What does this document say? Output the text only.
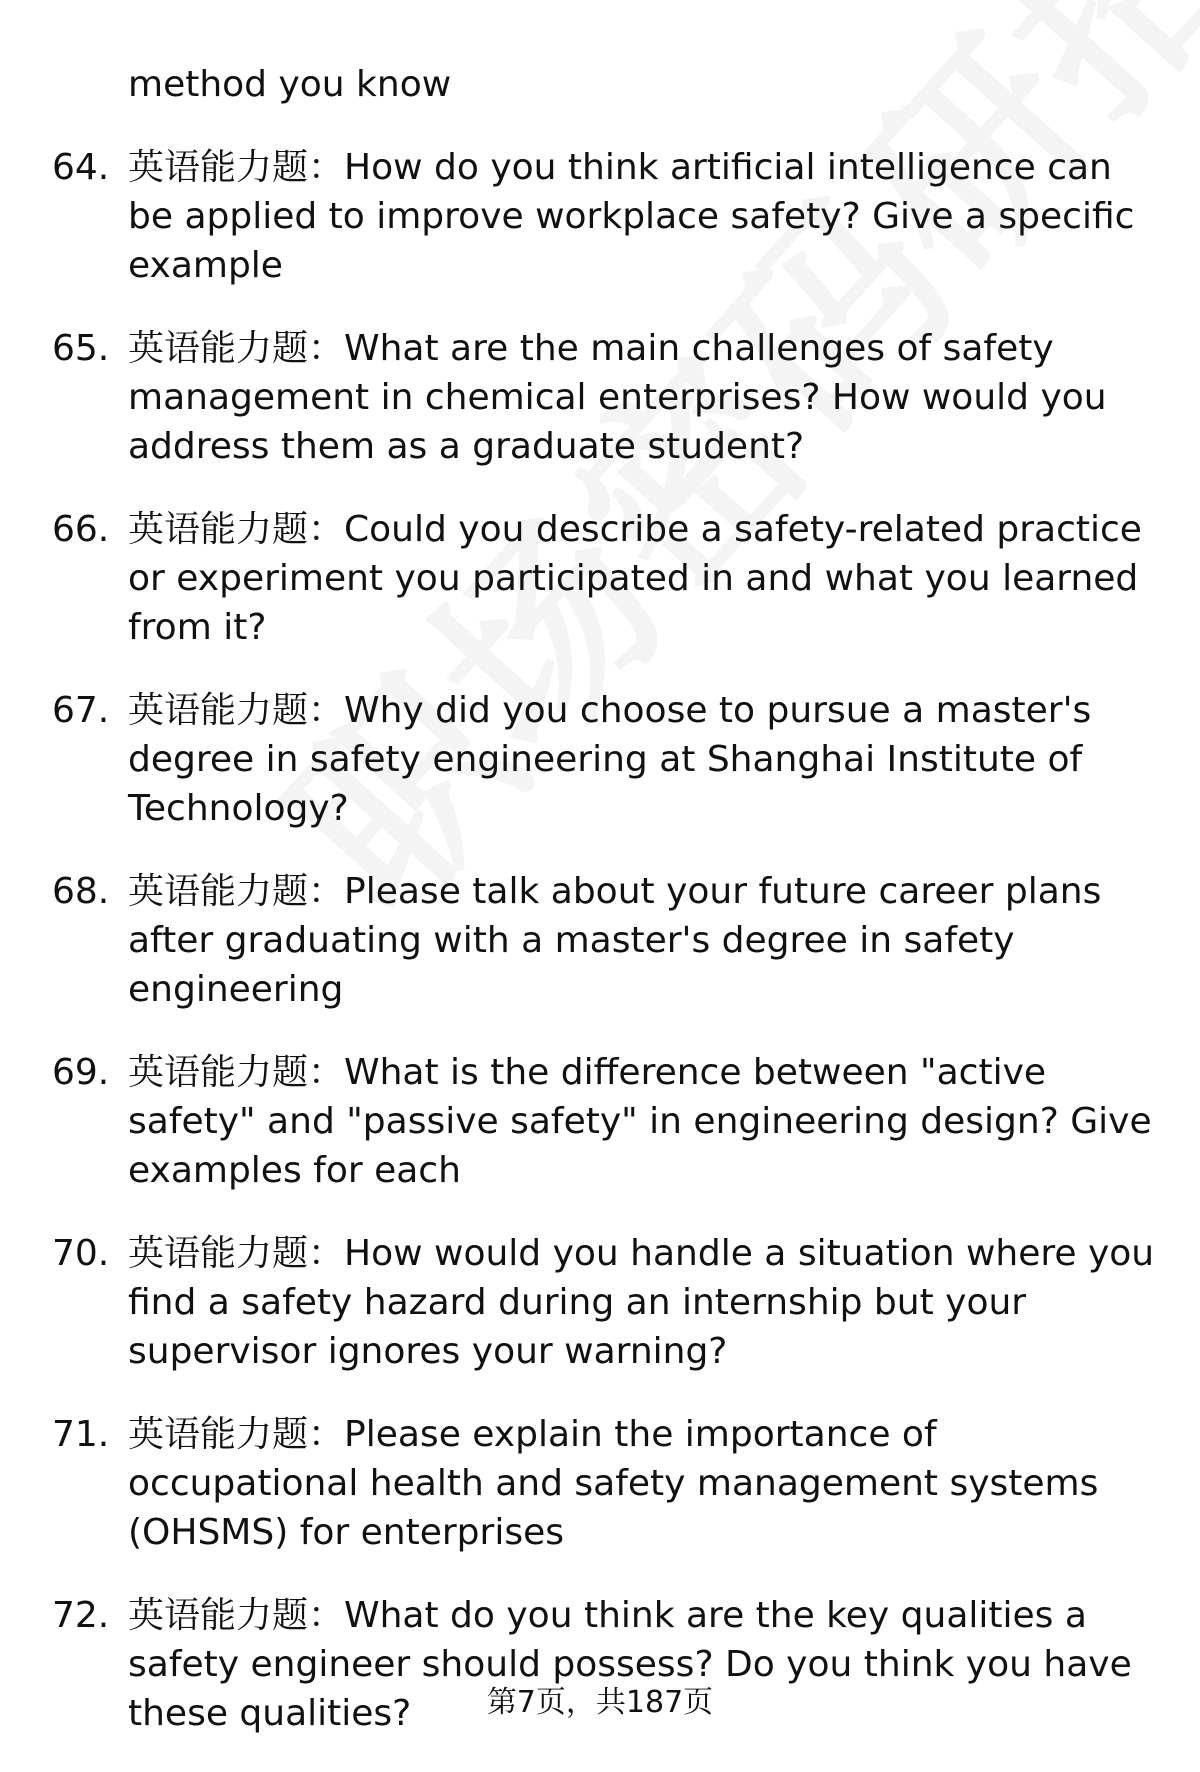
method you know
64. 英语能力题：How do you think artificial intelligence can be applied to improve workplace safety? Give a specific example
65. 英语能力题：What are the main challenges of safety management in chemical enterprises? How would you address them as a graduate student?
66. 英语能力题：Could you describe a safety-related practice or experiment you participated in and what you learned from it?
67. 英语能力题：Why did you choose to pursue a master's degree in safety engineering at Shanghai Institute of Technology?
68. 英语能力题：Please talk about your future career plans after graduating with a master's degree in safety engineering
69. 英语能力题：What is the difference between "active safety" and "passive safety" in engineering design? Give examples for each
70. 英语能力题：How would you handle a situation where you find a safety hazard during an internship but your supervisor ignores your warning?
71. 英语能力题：Please explain the importance of occupational health and safety management systems (OHSMS) for enterprises
72. 英语能力题：What do you think are the key qualities a safety engineer should possess? Do you think you have these qualities?	第7页，共187页
